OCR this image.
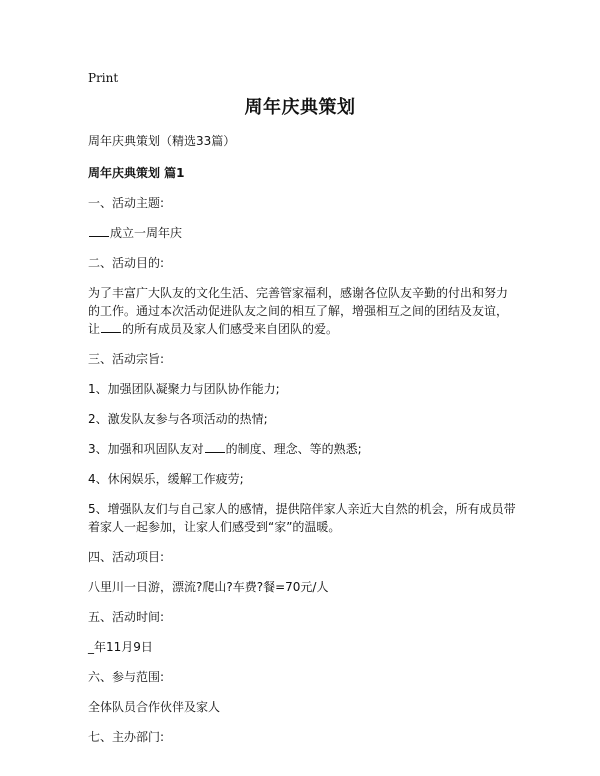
Print
周年庆典策划

周年庆典策划（精选33篇）

周年庆典策划 篇1

一、活动主题:

成立一周年庆

二、活动目的:

为了丰富广大队友的文化生活、完善管家福利，感谢各位队友辛勤的付出和努力的工作。通过本次活动促进队友之间的相互了解，增强相互之间的团结及友谊，让 的所有成员及家人们感受来自团队的爱。

三、活动宗旨:

1、加强团队凝聚力与团队协作能力;

2、激发队友参与各项活动的热情;

3、加强和巩固队友对 的制度、理念、等的熟悉;

4、休闲娱乐，缓解工作疲劳;

5、增强队友们与自己家人的感情，提供陪伴家人亲近大自然的机会，所有成员带着家人一起参加，让家人们感受到“家”的温暖。

四、活动项目:

八里川一日游，漂流?爬山?车费?餐=70元/人

五、活动时间:

_年11月9日

六、参与范围:

全体队员合作伙伴及家人

七、主办部门:
